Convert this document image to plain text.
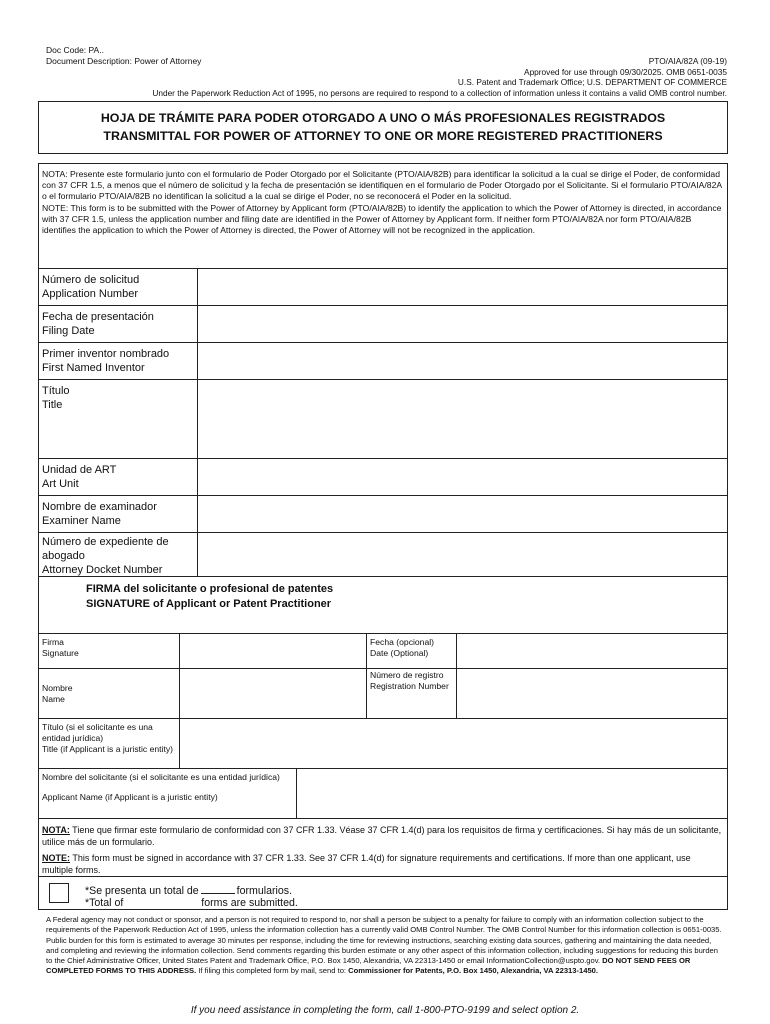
Doc Code: PA..
Document Description: Power of Attorney	PTO/AIA/82A (09-19)
Approved for use through 09/30/2025. OMB 0651-0035
U.S. Patent and Trademark Office; U.S. DEPARTMENT OF COMMERCE
Under the Paperwork Reduction Act of 1995, no persons are required to respond to a collection of information unless it contains a valid OMB control number.
HOJA DE TRÁMITE PARA PODER OTORGADO A UNO O MÁS PROFESIONALES REGISTRADOS
TRANSMITTAL FOR POWER OF ATTORNEY TO ONE OR MORE REGISTERED PRACTITIONERS

NOTA: Presente este formulario junto con el formulario de Poder Otorgado por el Solicitante (PTO/AIA/82B) para identificar la solicitud a la cual se dirige el Poder, de conformidad con 37 CFR 1.5, a menos que el número de solicitud y la fecha de presentación se identifiquen en el formulario de Poder Otorgado por el Solicitante. Si el formulario PTO/AIA/82A o el formulario PTO/AIA/82B no identifican la solicitud a la cual se dirige el Poder, no se reconocerá el Poder en la solicitud.

NOTE: This form is to be submitted with the Power of Attorney by Applicant form (PTO/AIA/82B) to identify the application to which the Power of Attorney is directed, in accordance with 37 CFR 1.5, unless the application number and filing date are identified in the Power of Attorney by Applicant form. If neither form PTO/AIA/82A nor form PTO/AIA/82B identifies the application to which the Power of Attorney is directed, the Power of Attorney will not be recognized in the application.

Número de solicitud
Application Number
Fecha de presentación
Filing Date
Primer inventor nombrado
First Named Inventor
Título
Title
Unidad de ART
Art Unit
Nombre de examinador
Examiner Name
Número de expediente de abogado
Attorney Docket Number
FIRMA del solicitante o profesional de patentes
SIGNATURE of Applicant or Patent Practitioner
Firma
Signature
Fecha (opcional)
Date (Optional)
Nombre
Name
Número de registro
Registration Number
Título (si el solicitante es una entidad jurídica)
Title (if Applicant is a juristic entity)
Nombre del solicitante (si el solicitante es una entidad jurídica)
Applicant Name (if Applicant is a juristic entity)

NOTA: Tiene que firmar este formulario de conformidad con 37 CFR 1.33. Véase 37 CFR 1.4(d) para los requisitos de firma y certificaciones. Si hay más de un solicitante, utilice más de un formulario.

NOTE: This form must be signed in accordance with 37 CFR 1.33. See 37 CFR 1.4(d) for signature requirements and certifications. If more than one applicant, use multiple forms.

*Se presenta un total de	formularios.
*Total of	forms are submitted.
A Federal agency may not conduct or sponsor, and a person is not required to respond to, nor shall a person be subject to a penalty for failure to comply with an information collection subject to the requirements of the Paperwork Reduction Act of 1995, unless the information collection has a currently valid OMB Control Number. The OMB Control Number for this information collection is 0651-0035. Public burden for this form is estimated to average 30 minutes per response, including the time for reviewing instructions, searching existing data sources, gathering and maintaining the data needed, and completing and reviewing the information collection. Send comments regarding this burden estimate or any other aspect of this information collection, including suggestions for reducing this burden to the Chief Administrative Officer, United States Patent and Trademark Office, P.O. Box 1450, Alexandria, VA 22313-1450 or email InformationCollection@uspto.gov. DO NOT SEND FEES OR COMPLETED FORMS TO THIS ADDRESS. If filing this completed form by mail, send to: Commissioner for Patents, P.O. Box 1450, Alexandria, VA 22313-1450.
If you need assistance in completing the form, call 1-800-PTO-9199 and select option 2.
